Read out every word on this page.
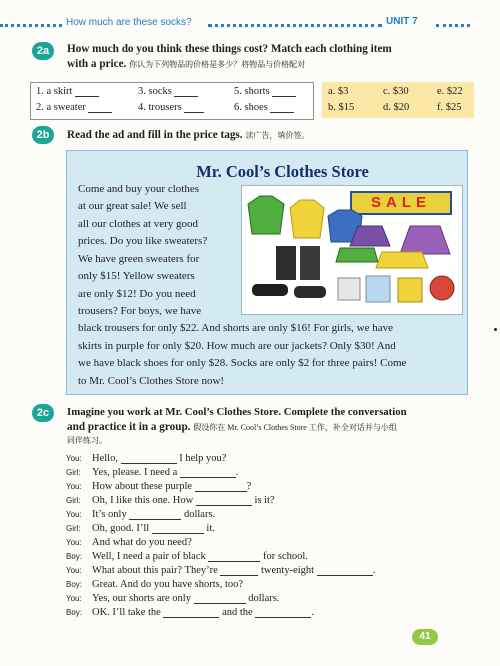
How much are these socks?	UNIT 7
2a	How much do you think these things cost? Match each clothing item
with a price. 你认为下列物品的价格是多少？将物品与价格配对
1. a skirt	3. socks	5. shorts
2. a sweater	4. trousers	6. shoes
a. $3	c. $30	e. $22
b. $15	d. $20	f. $25
2b	Read the ad and fill in the price tags. 读广告，填价签。
Mr. Cool’s Clothes Store
SALE
Come and buy your clothes
at our great sale! We sell
all our clothes at very good
prices. Do you like sweaters?
We have green sweaters for
only $15! Yellow sweaters
are only $12! Do you need
trousers? For boys, we have
black trousers for only $22. And shorts are only $16! For girls, we have
skirts in purple for only $20. How much are our jackets? Only $30! And
we have black shoes for only $28. Socks are only $2 for three pairs! Come
to Mr. Cool’s Clothes Store now!
2c	Imagine you work at Mr. Cool’s Clothes Store. Complete the conversation
and practice it in a group. 假设你在 Mr. Cool’s Clothes Store 工作，补全对话并与小组
同伴练习。
You: Hello,	I help you?
Girl: Yes, please. I need a	.
You: How about these purple	?
Girl: Oh, I like this one. How	is it?
You: It’s only	dollars.
Girl: Oh, good. I’ll	it.
You: And what do you need?
Boy: Well, I need a pair of black	for school.
You: What about this pair? They’re	twenty-eight	.
Boy: Great. And do you have shorts, too?
You: Yes, our shorts are only	dollars.
Boy: OK. I’ll take the	and the	.
41
